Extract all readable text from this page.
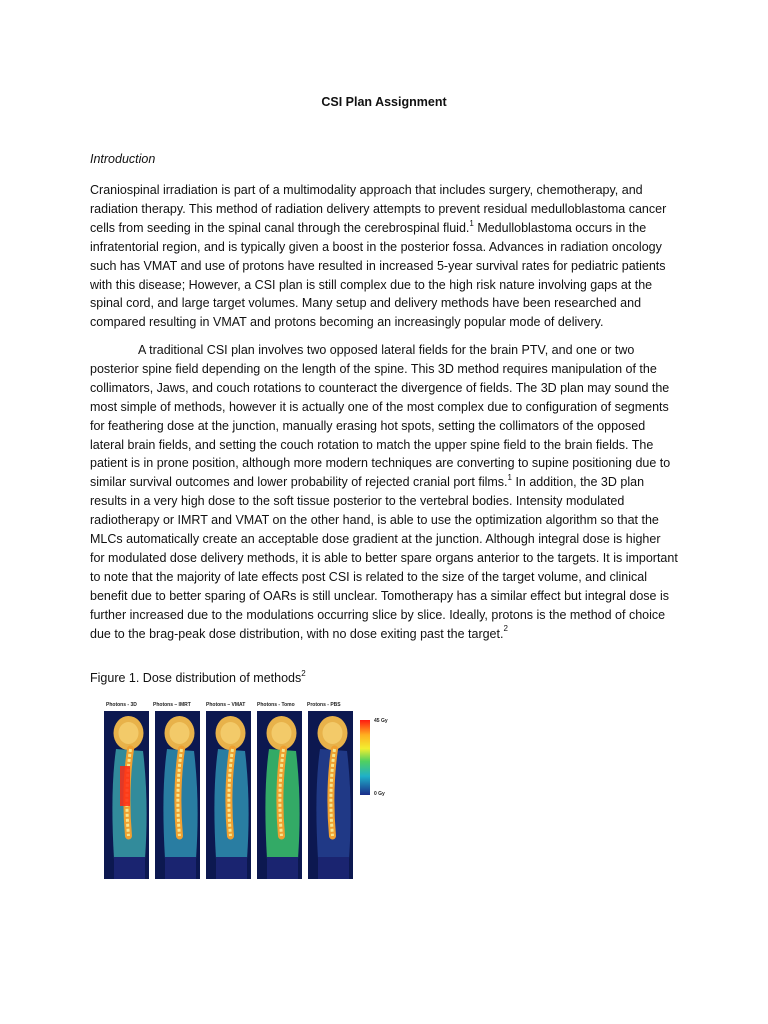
CSI Plan Assignment
Introduction

Craniospinal irradiation is part of a multimodality approach that includes surgery, chemotherapy, and radiation therapy. This method of radiation delivery attempts to prevent residual medulloblastoma cancer cells from seeding in the spinal canal through the cerebrospinal fluid.$^1$ Medulloblastoma occurs in the infratentorial region, and is typically given a boost in the posterior fossa. Advances in radiation oncology such has VMAT and use of protons have resulted in increased 5-year survival rates for pediatric patients with this disease; However, a CSI plan is still complex due to the high risk nature involving gaps at the spinal cord, and large target volumes. Many setup and delivery methods have been researched and compared resulting in VMAT and protons becoming an increasingly popular mode of delivery.

A traditional CSI plan involves two opposed lateral fields for the brain PTV, and one or two posterior spine field depending on the length of the spine. This 3D method requires manipulation of the collimators, Jaws, and couch rotations to counteract the divergence of fields. The 3D plan may sound the most simple of methods, however it is actually one of the most complex due to configuration of segments for feathering dose at the junction, manually erasing hot spots, setting the collimators of the opposed lateral brain fields, and setting the couch rotation to match the upper spine field to the brain fields. The patient is in prone position, although more modern techniques are converting to supine positioning due to similar survival outcomes and lower probability of rejected cranial port films.$^1$ In addition, the 3D plan results in a very high dose to the soft tissue posterior to the vertebral bodies. Intensity modulated radiotherapy or IMRT and VMAT on the other hand, is able to use the optimization algorithm so that the MLCs automatically create an acceptable dose gradient at the junction. Although integral dose is higher for modulated dose delivery methods, it is able to better spare organs anterior to the targets. It is important to note that the majority of late effects post CSI is related to the size of the target volume, and clinical benefit due to better sparing of OARs is still unclear. Tomotherapy has a similar effect but integral dose is further increased due to the modulations occurring slice by slice. Ideally, protons is the method of choice due to the brag-peak dose distribution, with no dose exiting past the target.$^2$

Figure 1. Dose distribution of methods$^2$
Photons - 3D	Photons – IMRT	Photons – VMAT Photons - Tomo Protons - PBS
45 Gy
0 Gy
